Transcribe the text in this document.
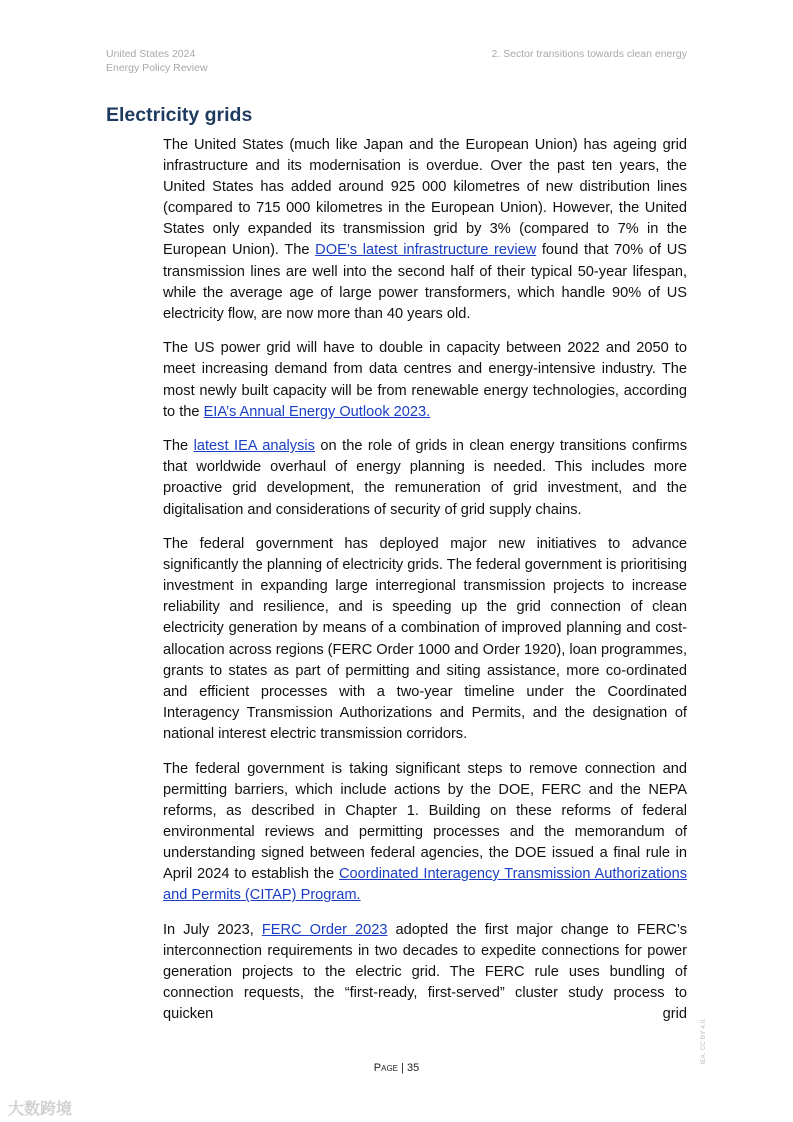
United States 2024
Energy Policy Review
2. Sector transitions towards clean energy
Electricity grids

The United States (much like Japan and the European Union) has ageing grid infrastructure and its modernisation is overdue. Over the past ten years, the United States has added around 925 000 kilometres of new distribution lines (compared to 715 000 kilometres in the European Union). However, the United States only expanded its transmission grid by 3% (compared to 7% in the European Union). The DOE’s latest infrastructure review found that 70% of US transmission lines are well into the second half of their typical 50-year lifespan, while the average age of large power transformers, which handle 90% of US electricity flow, are now more than 40 years old.

The US power grid will have to double in capacity between 2022 and 2050 to meet increasing demand from data centres and energy-intensive industry. The most newly built capacity will be from renewable energy technologies, according to the EIA’s Annual Energy Outlook 2023.

The latest IEA analysis on the role of grids in clean energy transitions confirms that worldwide overhaul of energy planning is needed. This includes more proactive grid development, the remuneration of grid investment, and the digitalisation and considerations of security of grid supply chains.

The federal government has deployed major new initiatives to advance significantly the planning of electricity grids. The federal government is prioritising investment in expanding large interregional transmission projects to increase reliability and resilience, and is speeding up the grid connection of clean electricity generation by means of a combination of improved planning and cost-allocation across regions (FERC Order 1000 and Order 1920), loan programmes, grants to states as part of permitting and siting assistance, more co-ordinated and efficient processes with a two-year timeline under the Coordinated Interagency Transmission Authorizations and Permits, and the designation of national interest electric transmission corridors.

The federal government is taking significant steps to remove connection and permitting barriers, which include actions by the DOE, FERC and the NEPA reforms, as described in Chapter 1. Building on these reforms of federal environmental reviews and permitting processes and the memorandum of understanding signed between federal agencies, the DOE issued a final rule in April 2024 to establish the Coordinated Interagency Transmission Authorizations and Permits (CITAP) Program.

In July 2023, FERC Order 2023 adopted the first major change to FERC’s interconnection requirements in two decades to expedite connections for power generation projects to the electric grid. The FERC rule uses bundling of connection requests, the “first-ready, first-served” cluster study process to quicken grid

Page | 35
IEA. CC BY 4.0.
大数跨境
